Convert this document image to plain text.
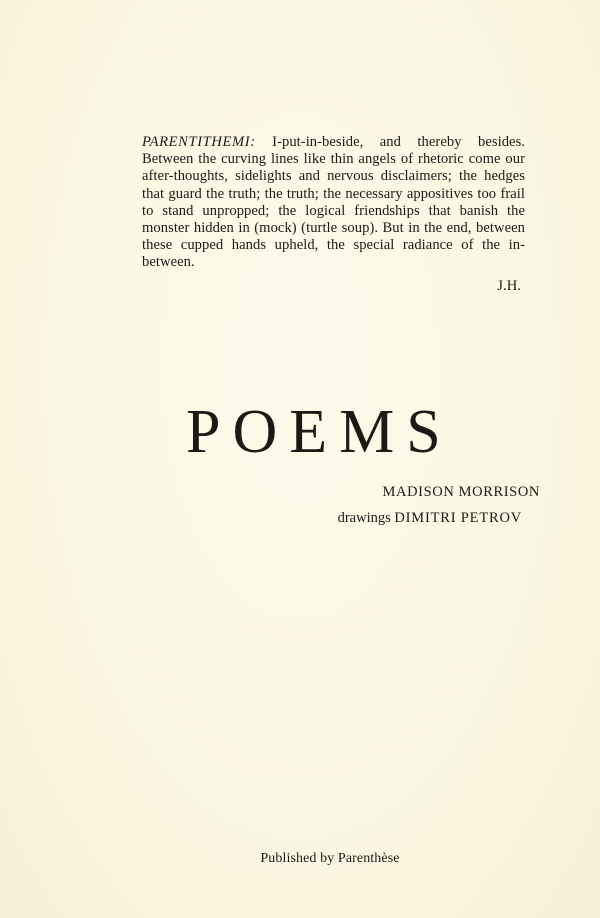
PARENTITHEMI: I-put-in-beside, and thereby besides. Between the curving lines like thin angels of rhetoric come our after-thoughts, sidelights and nervous disclaimers; the hedges that guard the truth; the truth; the necessary appositives too frail to stand unpropped; the logical friendships that banish the monster hidden in (mock) (turtle soup). But in the end, between these cupped hands upheld, the special radiance of the in-between.
J.H.
POEMS
MADISON MORRISON
drawings DIMITRI PETROV
Published by Parenthèse
